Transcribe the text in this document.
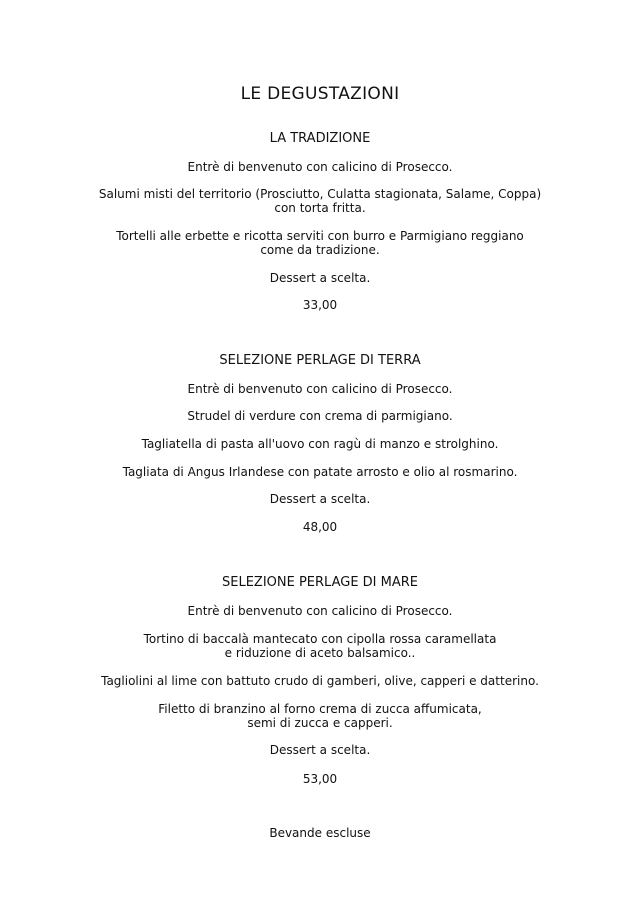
LE DEGUSTAZIONI
LA TRADIZIONE
Entrè di benvenuto con calicino di Prosecco.
Salumi misti del territorio (Prosciutto, Culatta stagionata, Salame, Coppa)
con torta fritta.
Tortelli alle erbette e ricotta serviti con burro e Parmigiano reggiano
come da tradizione.
Dessert a scelta.
33,00
SELEZIONE PERLAGE DI TERRA
Entrè di benvenuto con calicino di Prosecco.
Strudel di verdure con crema di parmigiano.
Tagliatella di pasta all'uovo con ragù di manzo e strolghino.
Tagliata di Angus Irlandese con patate arrosto e olio al rosmarino.
Dessert a scelta.
48,00
SELEZIONE PERLAGE DI MARE
Entrè di benvenuto con calicino di Prosecco.
Tortino di baccalà mantecato con cipolla rossa caramellata
e riduzione di aceto balsamico..
Tagliolini al lime con battuto crudo di gamberi, olive, capperi e datterino.
Filetto di branzino al forno crema di zucca affumicata,
semi di zucca e capperi.
Dessert a scelta.
53,00
Bevande escluse
